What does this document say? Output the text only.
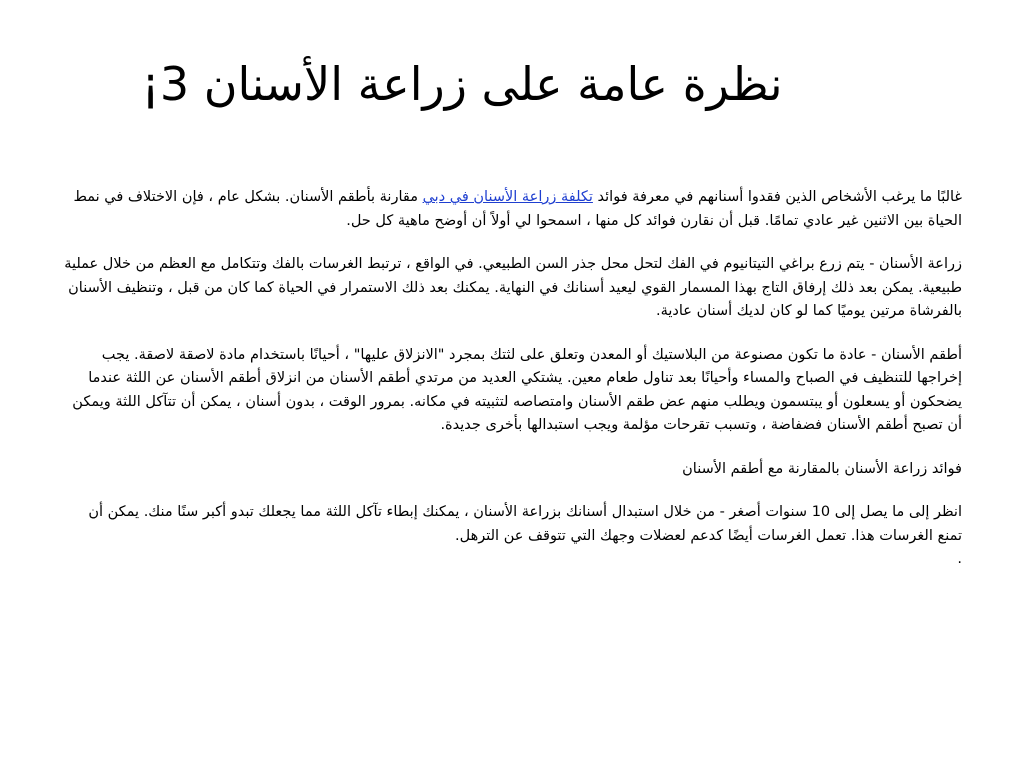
نظرة عامة على زراعة الأسنان 3¡

غالبًا ما يرغب الأشخاص الذين فقدوا أسنانهم في معرفة فوائد تكلفة زراعة الأسنان في دبي مقارنة بأطقم الأسنان. بشكل عام ، فإن الاختلاف في نمط الحياة بين الاثنين غير عادي تمامًا. قبل أن نقارن فوائد كل منها ، اسمحوا لي أولاً أن أوضح ماهية كل حل.

زراعة الأسنان - يتم زرع براغي التيتانيوم في الفك لتحل محل جذر السن الطبيعي. في الواقع ، ترتبط الغرسات بالفك وتتكامل مع العظم من خلال عملية طبيعية. يمكن بعد ذلك إرفاق التاج بهذا المسمار القوي ليعيد أسنانك في النهاية. يمكنك بعد ذلك الاستمرار في الحياة كما كان من قبل ، وتنظيف الأسنان بالفرشاة مرتين يوميًا كما لو كان لديك أسنان عادية.

أطقم الأسنان - عادة ما تكون مصنوعة من البلاستيك أو المعدن وتعلق على لثتك بمجرد "الانزلاق عليها" ، أحيانًا باستخدام مادة لاصقة لاصقة. يجب إخراجها للتنظيف في الصباح والمساء وأحيانًا بعد تناول طعام معين. يشتكي العديد من مرتدي أطقم الأسنان من انزلاق أطقم الأسنان عن اللثة عندما يضحكون أو يسعلون أو يبتسمون ويطلب منهم عض طقم الأسنان وامتصاصه لتثبيته في مكانه. بمرور الوقت ، بدون أسنان ، يمكن أن تتآكل اللثة ويمكن أن تصبح أطقم الأسنان فضفاضة ، وتسبب تقرحات مؤلمة ويجب استبدالها بأخرى جديدة.

فوائد زراعة الأسنان بالمقارنة مع أطقم الأسنان

انظر إلى ما يصل إلى 10 سنوات أصغر - من خلال استبدال أسنانك بزراعة الأسنان ، يمكنك إبطاء تآكل اللثة مما يجعلك تبدو أكبر سنًا منك. يمكن أن تمنع الغرسات هذا. تعمل الغرسات أيضًا كدعم لعضلات وجهك التي تتوقف عن الترهل.

.
